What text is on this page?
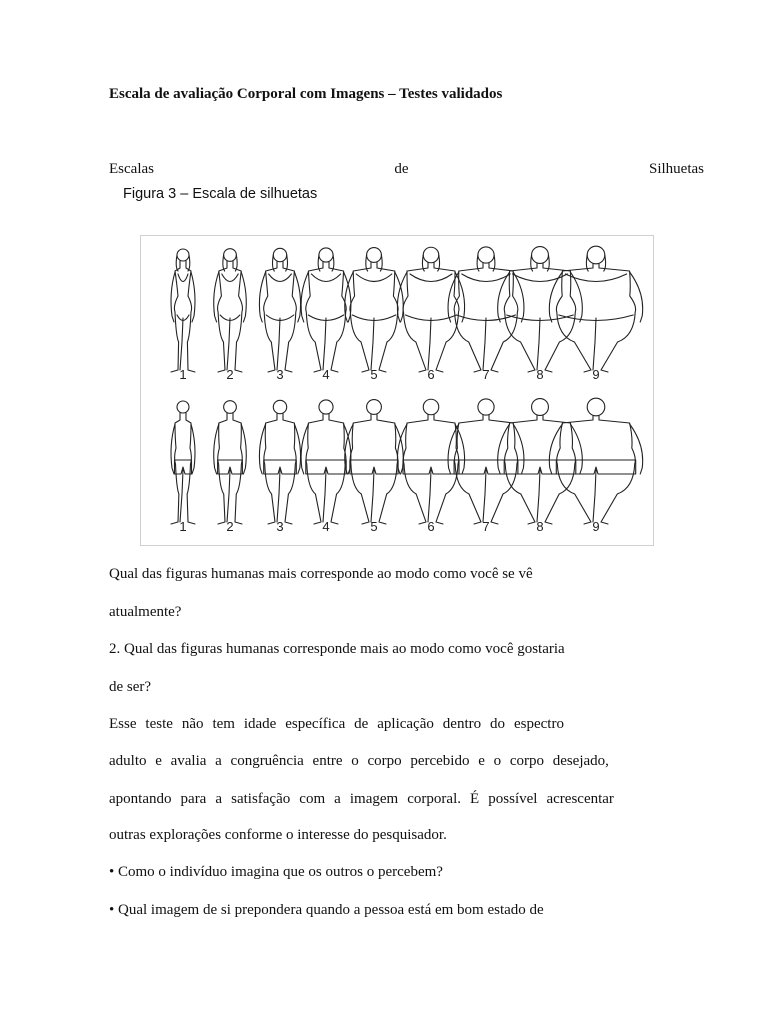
Escala de avaliação Corporal com Imagens – Testes validados
Escalas	de	Silhuetas
Figura 3 – Escala de silhuetas
1	2	3	4	5	6	7	8	9
1	2	3	4	5	6	7	8	9
Qual das figuras humanas mais corresponde ao modo como você se vê
atualmente?
2. Qual das figuras humanas corresponde mais ao modo como você gostaria
de ser?
Esse teste não tem idade específica de aplicação dentro do espectro
adulto e avalia a congruência entre o corpo percebido e o corpo desejado,
apontando para a satisfação com a imagem corporal. É possível acrescentar
outras explorações conforme o interesse do pesquisador.
• Como o indivíduo imagina que os outros o percebem?
• Qual imagem de si prepondera quando a pessoa está em bom estado de
